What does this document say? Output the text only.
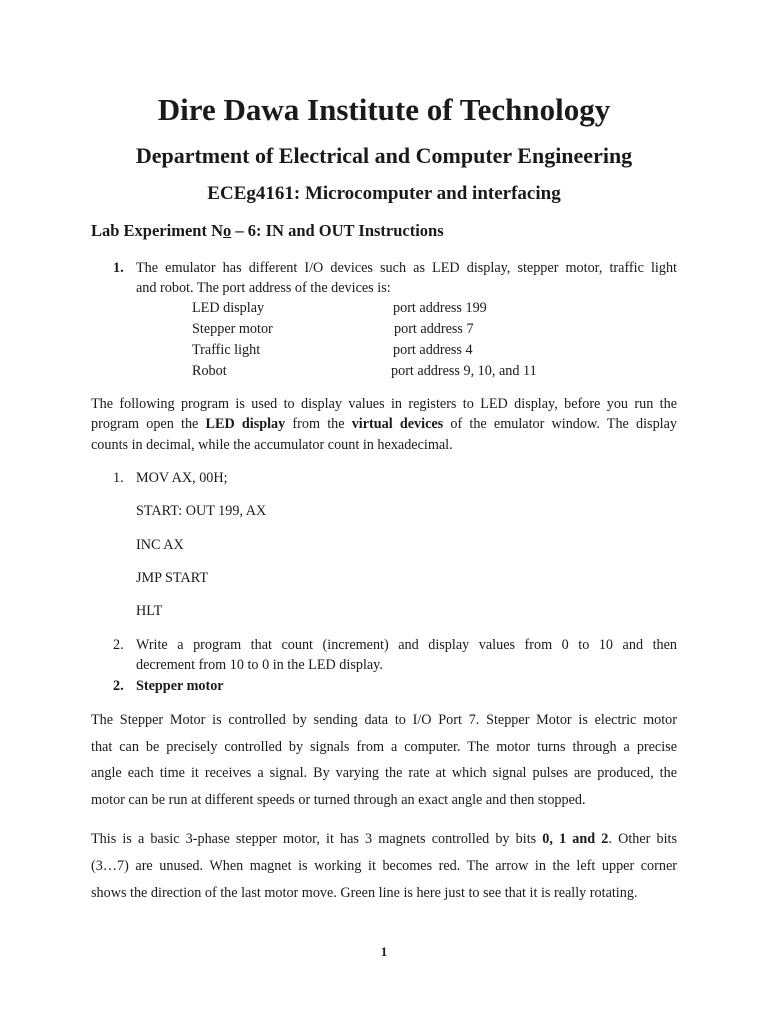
Dire Dawa Institute of Technology
Department of Electrical and Computer Engineering
ECEg4161: Microcomputer and interfacing
Lab Experiment No – 6: IN and OUT Instructions
1. The emulator has different I/O devices such as LED display, stepper motor, traffic light
and robot. The port address of the devices is:
LED display	port address 199
Stepper motor	port address 7
Traffic light	port address 4
Robot	port address 9, 10, and 11
The following program is used to display values in registers to LED display, before you run the
program open the LED display from the virtual devices of the emulator window. The display
counts in decimal, while the accumulator count in hexadecimal.
1. MOV AX, 00H;
START: OUT 199, AX
INC AX
JMP START
HLT
2. Write a program that count (increment) and display values from 0 to 10 and then
decrement from 10 to 0 in the LED display.
2. Stepper motor
The Stepper Motor is controlled by sending data to I/O Port 7. Stepper Motor is electric motor
that can be precisely controlled by signals from a computer. The motor turns through a precise
angle each time it receives a signal. By varying the rate at which signal pulses are produced, the
motor can be run at different speeds or turned through an exact angle and then stopped.
This is a basic 3-phase stepper motor, it has 3 magnets controlled by bits 0, 1 and 2. Other bits
(3…7) are unused. When magnet is working it becomes red. The arrow in the left upper corner
shows the direction of the last motor move. Green line is here just to see that it is really rotating.
1
